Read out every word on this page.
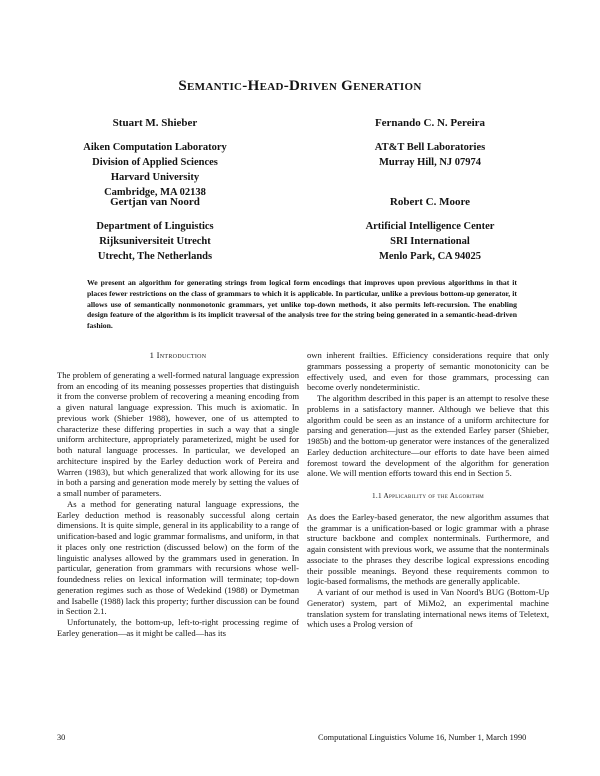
Semantic-Head-Driven Generation
Stuart M. Shieber
Aiken Computation Laboratory
Division of Applied Sciences
Harvard University
Cambridge, MA 02138
Fernando C. N. Pereira
AT&T Bell Laboratories
Murray Hill, NJ 07974
Gertjan van Noord
Department of Linguistics
Rijksuniversiteit Utrecht
Utrecht, The Netherlands
Robert C. Moore
Artificial Intelligence Center
SRI International
Menlo Park, CA 94025
We present an algorithm for generating strings from logical form encodings that improves upon previous algorithms in that it places fewer restrictions on the class of grammars to which it is applicable. In particular, unlike a previous bottom-up generator, it allows use of semantically nonmonotonic grammars, yet unlike top-down methods, it also permits left-recursion. The enabling design feature of the algorithm is its implicit traversal of the analysis tree for the string being generated in a semantic-head-driven fashion.
1 Introduction

The problem of generating a well-formed natural language expression from an encoding of its meaning possesses properties that distinguish it from the converse problem of recovering a meaning encoding from a given natural language expression. This much is axiomatic. In previous work (Shieber 1988), however, one of us attempted to characterize these differing properties in such a way that a single uniform architecture, appropriately parameterized, might be used for both natural language processes. In particular, we developed an architecture inspired by the Earley deduction work of Pereira and Warren (1983), but which generalized that work allowing for its use in both a parsing and generation mode merely by setting the values of a small number of parameters.

As a method for generating natural language expressions, the Earley deduction method is reasonably successful along certain dimensions. It is quite simple, general in its applicability to a range of unification-based and logic grammar formalisms, and uniform, in that it places only one restriction (discussed below) on the form of the linguistic analyses allowed by the grammars used in generation. In particular, generation from grammars with recursions whose well-foundedness relies on lexical information will terminate; top-down generation regimes such as those of Wedekind (1988) or Dymetman and Isabelle (1988) lack this property; further discussion can be found in Section 2.1.

Unfortunately, the bottom-up, left-to-right processing regime of Earley generation—as it might be called—has its

own inherent frailties. Efficiency considerations require that only grammars possessing a property of semantic monotonicity can be effectively used, and even for those grammars, processing can become overly nondeterministic.

The algorithm described in this paper is an attempt to resolve these problems in a satisfactory manner. Although we believe that this algorithm could be seen as an instance of a uniform architecture for parsing and generation—just as the extended Earley parser (Shieber, 1985b) and the bottom-up generator were instances of the generalized Earley deduction architecture—our efforts to date have been aimed foremost toward the development of the algorithm for generation alone. We will mention efforts toward this end in Section 5.

1.1 Applicability of the Algorithm

As does the Earley-based generator, the new algorithm assumes that the grammar is a unification-based or logic grammar with a phrase structure backbone and complex nonterminals. Furthermore, and again consistent with previous work, we assume that the nonterminals associate to the phrases they describe logical expressions encoding their possible meanings. Beyond these requirements common to logic-based formalisms, the methods are generally applicable.

A variant of our method is used in Van Noord's BUG (Bottom-Up Generator) system, part of MiMo2, an experimental machine translation system for translating international news items of Teletext, which uses a Prolog version of

30	Computational Linguistics Volume 16, Number 1, March 1990
